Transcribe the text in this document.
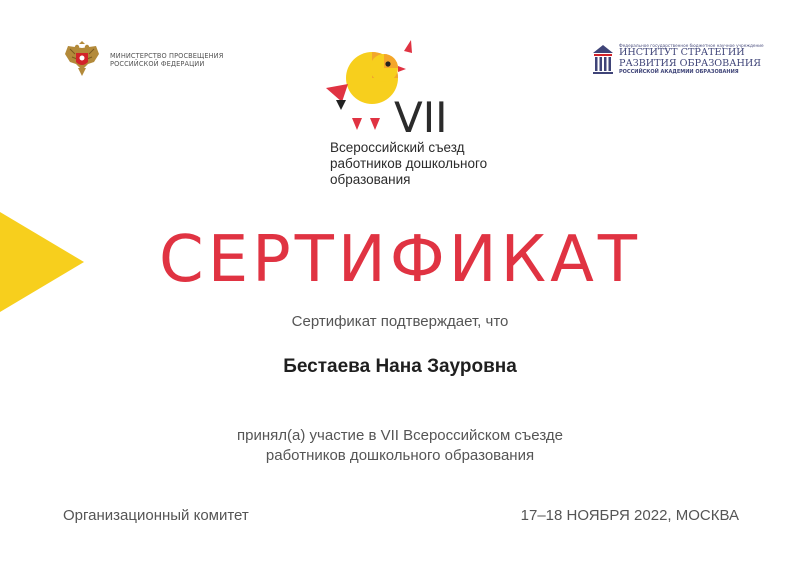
МИНИСТЕРСТВО ПРОСВЕЩЕНИЯ
РОССИЙСКОЙ ФЕДЕРАЦИИ
VII
Всероссийский съезд
работников дошкольного
образования
Федеральное государственное бюджетное научное учреждение
ИНСТИТУТ СТРАТЕГИИ
РАЗВИТИЯ ОБРАЗОВАНИЯ
РОССИЙСКОЙ АКАДЕМИИ ОБРАЗОВАНИЯ
СЕРТИФИКАТ
Сертификат подтверждает, что
Бестаева Нана Зауровна
принял(а) участие в VII Всероссийском съезде
работников дошкольного образования
Организационный комитет	17–18 НОЯБРЯ 2022, МОСКВА
